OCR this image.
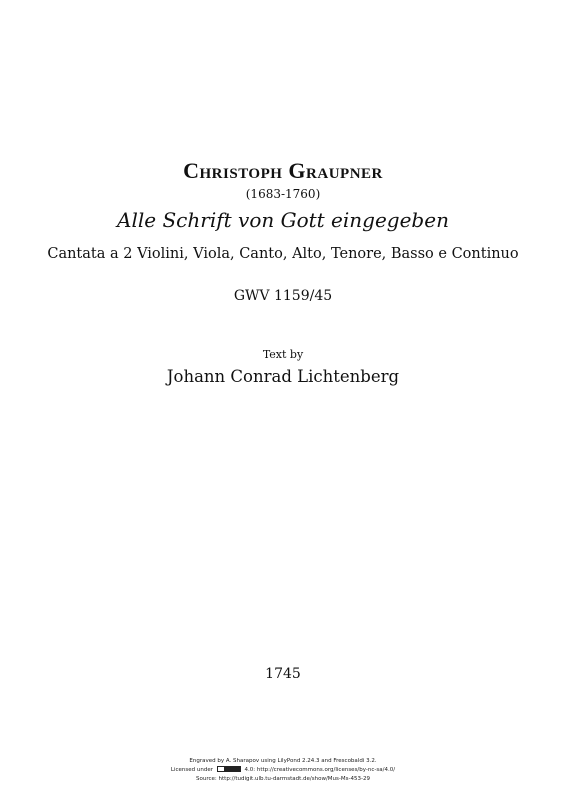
Christoph Graupner
(1683-1760)
Alle Schrift von Gott eingegeben
Cantata a 2 Violini, Viola, Canto, Alto, Tenore, Basso e Continuo
GWV 1159/45
Text by
Johann Conrad Lichtenberg
1745
Engraved by A. Sharapov using LilyPond 2.24.3 and Frescobaldi 3.2.
Licensed under	4.0: http://creativecommons.org/licenses/by-nc-sa/4.0/
Source: http://tudigit.ulb.tu-darmstadt.de/show/Mus-Ms-453-29
